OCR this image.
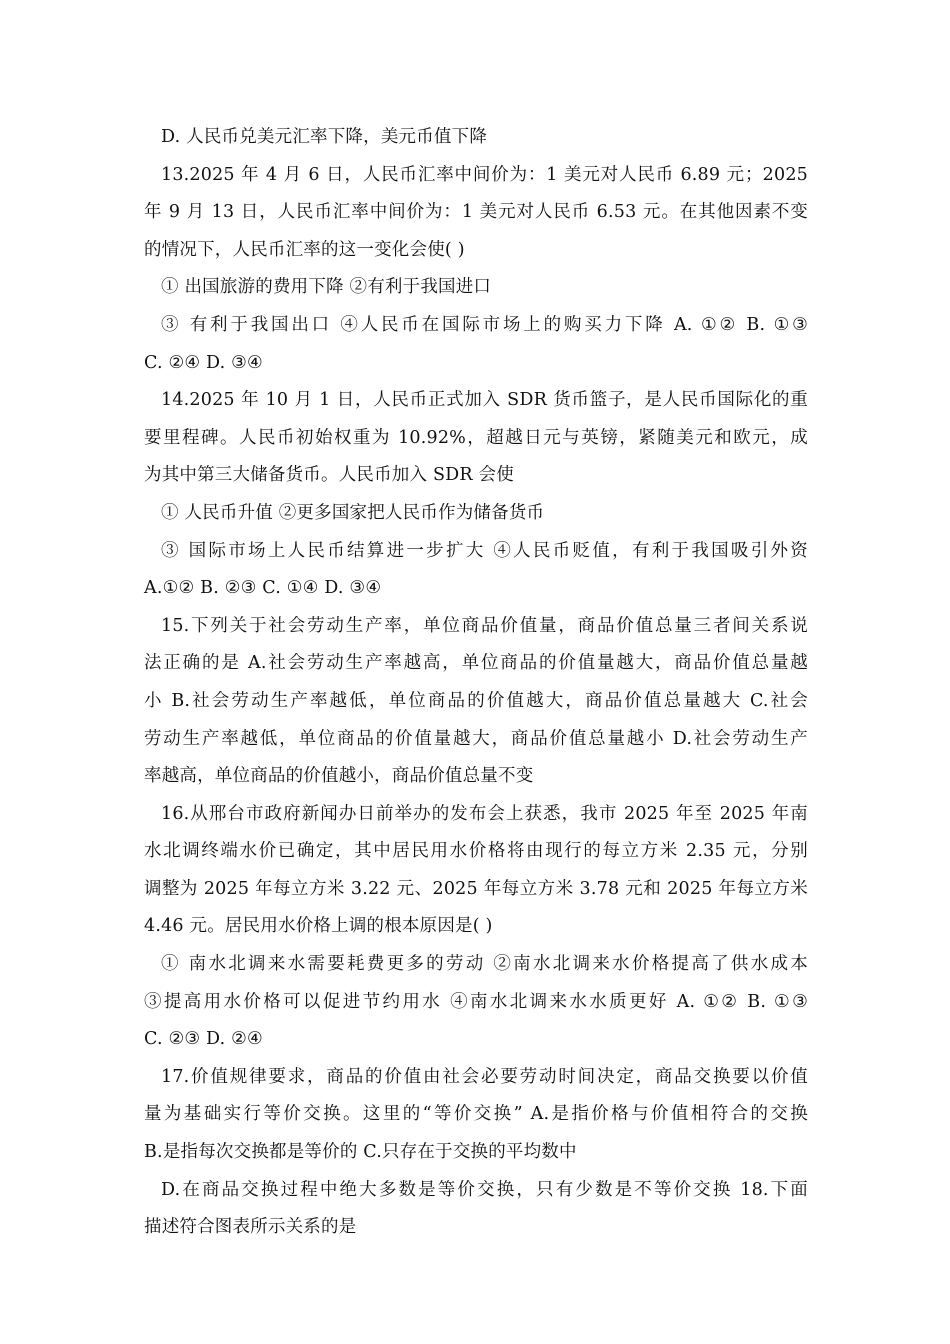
D. 人民币兑美元汇率下降，美元币值下降
13.2025 年 4 月 6 日，人民币汇率中间价为：1 美元对人民币 6.89 元；2025
年 9 月 13 日，人民币汇率中间价为：1 美元对人民币 6.53 元。在其他因素不变
的情况下，人民币汇率的这一变化会使( )
① 出国旅游的费用下降 ②有利于我国进口
③ 有利于我国出口 ④人民币在国际市场上的购买力下降 A. ①② B. ①③
C. ②④ D. ③④
14.2025 年 10 月 1 日，人民币正式加入 SDR 货币篮子，是人民币国际化的重
要里程碑。人民币初始权重为 10.92%，超越日元与英镑，紧随美元和欧元，成
为其中第三大储备货币。人民币加入 SDR 会使
① 人民币升值 ②更多国家把人民币作为储备货币
③ 国际市场上人民币结算进一步扩大 ④人民币贬值，有利于我国吸引外资
A.①② B. ②③ C. ①④ D. ③④
15.下列关于社会劳动生产率，单位商品价值量，商品价值总量三者间关系说
法正确的是 A.社会劳动生产率越高，单位商品的价值量越大，商品价值总量越
小 B.社会劳动生产率越低，单位商品的价值越大，商品价值总量越大 C.社会
劳动生产率越低，单位商品的价值量越大，商品价值总量越小 D.社会劳动生产
率越高，单位商品的价值越小，商品价值总量不变
16.从邢台市政府新闻办日前举办的发布会上获悉，我市 2025 年至 2025 年南
水北调终端水价已确定，其中居民用水价格将由现行的每立方米 2.35 元，分别
调整为 2025 年每立方米 3.22 元、2025 年每立方米 3.78 元和 2025 年每立方米
4.46 元。居民用水价格上调的根本原因是( )
① 南水北调来水需要耗费更多的劳动 ②南水北调来水价格提高了供水成本
③提高用水价格可以促进节约用水 ④南水北调来水水质更好 A. ①② B. ①③
C. ②③ D. ②④
17.价值规律要求，商品的价值由社会必要劳动时间决定，商品交换要以价值
量为基础实行等价交换。这里的“等价交换” A.是指价格与价值相符合的交换
B.是指每次交换都是等价的 C.只存在于交换的平均数中
D.在商品交换过程中绝大多数是等价交换，只有少数是不等价交换 18.下面
描述符合图表所示关系的是
